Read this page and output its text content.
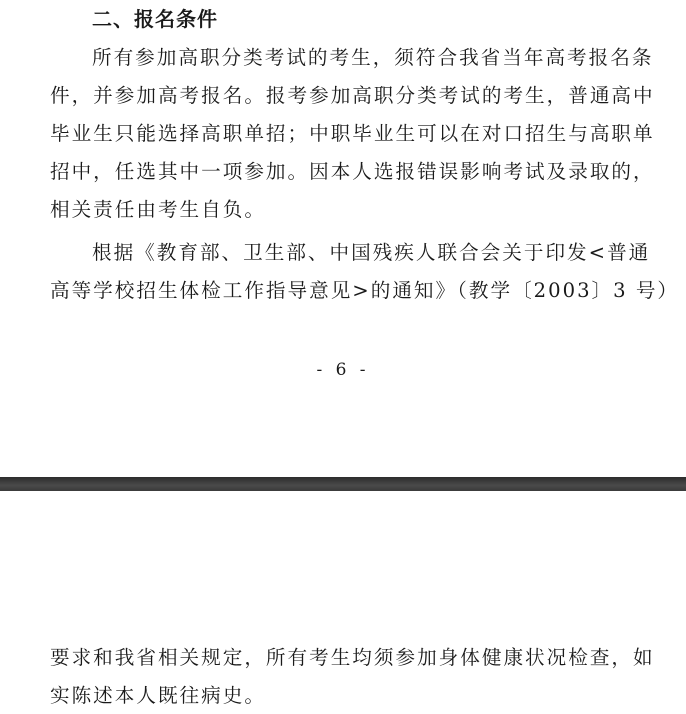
二、报名条件
所有参加高职分类考试的考生，须符合我省当年高考报名条
件，并参加高考报名。报考参加高职分类考试的考生，普通高中
毕业生只能选择高职单招；中职毕业生可以在对口招生与高职单
招中，任选其中一项参加。因本人选报错误影响考试及录取的，
相关责任由考生自负。
根据《教育部、卫生部、中国残疾人联合会关于印发<普通
高等学校招生体检工作指导意见>的通知》（教学〔2003〕3 号）
- 6 -
要求和我省相关规定，所有考生均须参加身体健康状况检查，如
实陈述本人既往病史。
